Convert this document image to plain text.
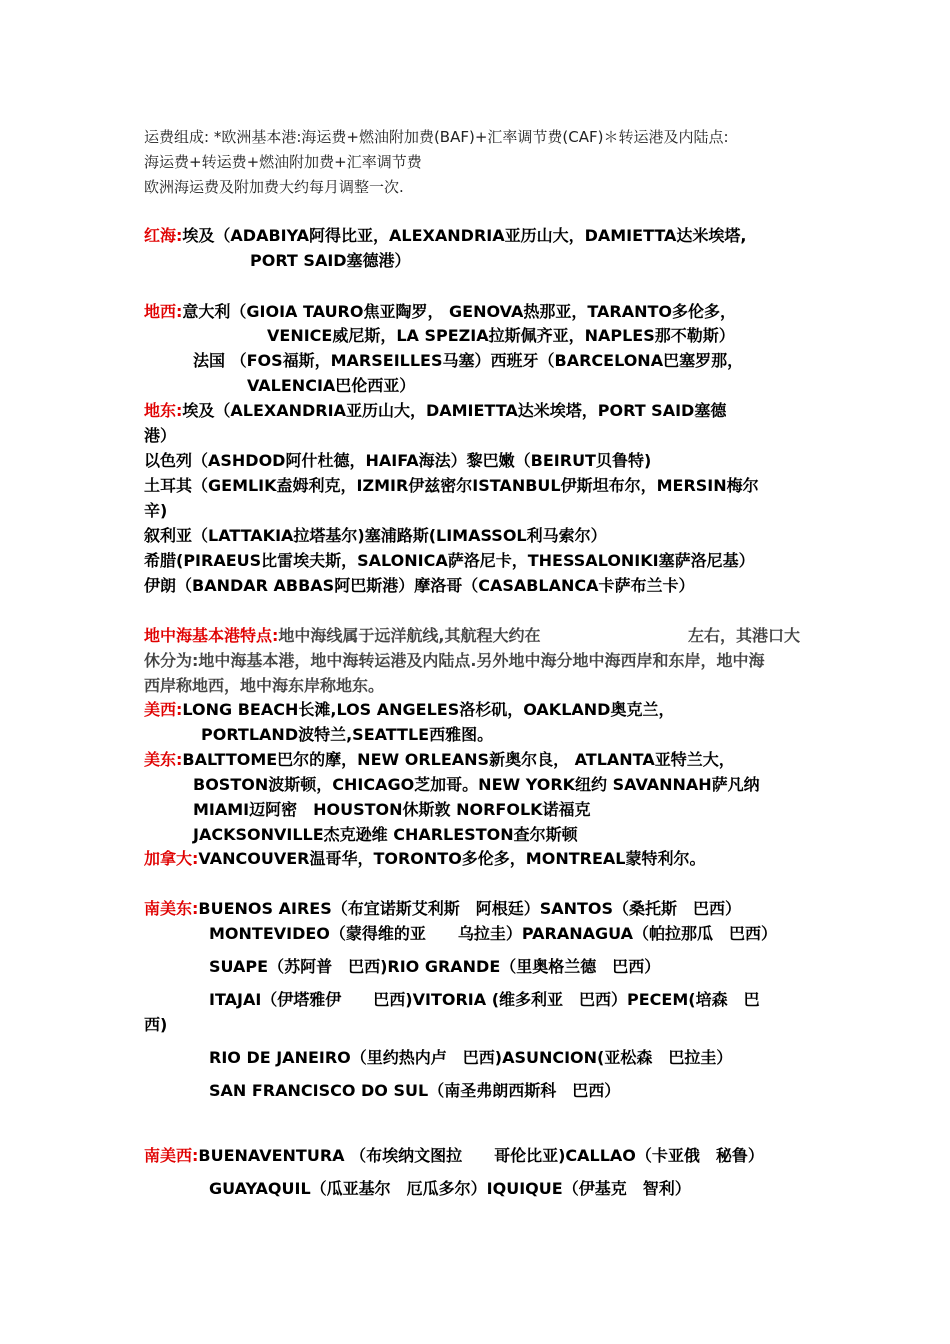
运费组成: *欧洲基本港:海运费+燃油附加费(BAF)+汇率调节费(CAF)＊转运港及内陆点:
海运费+转运费+燃油附加费+汇率调节费
欧洲海运费及附加费大约每月调整一次.
红海:埃及（ADABIYA阿得比亚，ALEXANDRIA亚历山大，DAMIETTA达米埃塔,
PORT SAID塞德港）
地西:意大利（GIOIA TAURO焦亚陶罗， GENOVA热那亚，TARANTO多伦多，
VENICE威尼斯，LA SPEZIA拉斯佩齐亚，NAPLES那不勒斯）
法国 （FOS福斯，MARSEILLES马塞）西班牙（BARCELONA巴塞罗那，
VALENCIA巴伦西亚）
地东:埃及（ALEXANDRIA亚历山大，DAMIETTA达米埃塔，PORT SAID塞德
港）
以色列（ASHDOD阿什杜德，HAIFA海法）黎巴嫩（BEIRUT贝鲁特)
土耳其（GEMLIK盍姆利克，IZMIR伊兹密尔ISTANBUL伊斯坦布尔，MERSIN梅尔
辛)
叙利亚（LATTAKIA拉塔基尔)塞浦路斯(LIMASSOL利马索尔）
希腊(PIRAEUS比雷埃夫斯，SALONICA萨洛尼卡，THESSALONIKI塞萨洛尼基）
伊朗（BANDAR ABBAS阿巴斯港）摩洛哥（CASABLANCA卡萨布兰卡）
地中海基本港特点:地中海线属于远洋航线,其航程大约在	左右，其港口大
休分为:地中海基本港，地中海转运港及内陆点.另外地中海分地中海西岸和东岸，地中海
西岸称地西，地中海东岸称地东。
美西:LONG BEACH长滩,LOS ANGELES洛杉矶，OAKLAND奥克兰，
PORTLAND波特兰,SEATTLE西雅图。
美东:BALTTOME巴尔的摩，NEW ORLEANS新奥尔良， ATLANTA亚特兰大，
BOSTON波斯顿，CHICAGO芝加哥。NEW YORK纽约 SAVANNAH萨凡纳
MIAMI迈阿密　HOUSTON休斯敦 NORFOLK诺福克
JACKSONVILLE杰克逊维 CHARLESTON查尔斯顿
加拿大:VANCOUVER温哥华，TORONTO多伦多，MONTREAL蒙特利尔。
南美东:BUENOS AIRES（布宜诺斯艾利斯　阿根廷）SANTOS（桑托斯　巴西）
MONTEVIDEO（蒙得维的亚　　乌拉圭）PARANAGUA（帕拉那瓜　巴西）
SUAPE（苏阿普　巴西)RIO GRANDE（里奥格兰德　巴西）
ITAJAI（伊塔雅伊　　巴西)VITORIA (维多利亚　巴西）PECEM(培森　巴
西)
RIO DE JANEIRO（里约热内卢　巴西)ASUNCION(亚松森　巴拉圭）
SAN FRANCISCO DO SUL（南圣弗朗西斯科　巴西）
南美西:BUENAVENTURA （布埃纳文图拉　　哥伦比亚)CALLAO（卡亚俄　秘鲁）
GUAYAQUIL（瓜亚基尔　厄瓜多尔）IQUIQUE（伊基克　智利）
